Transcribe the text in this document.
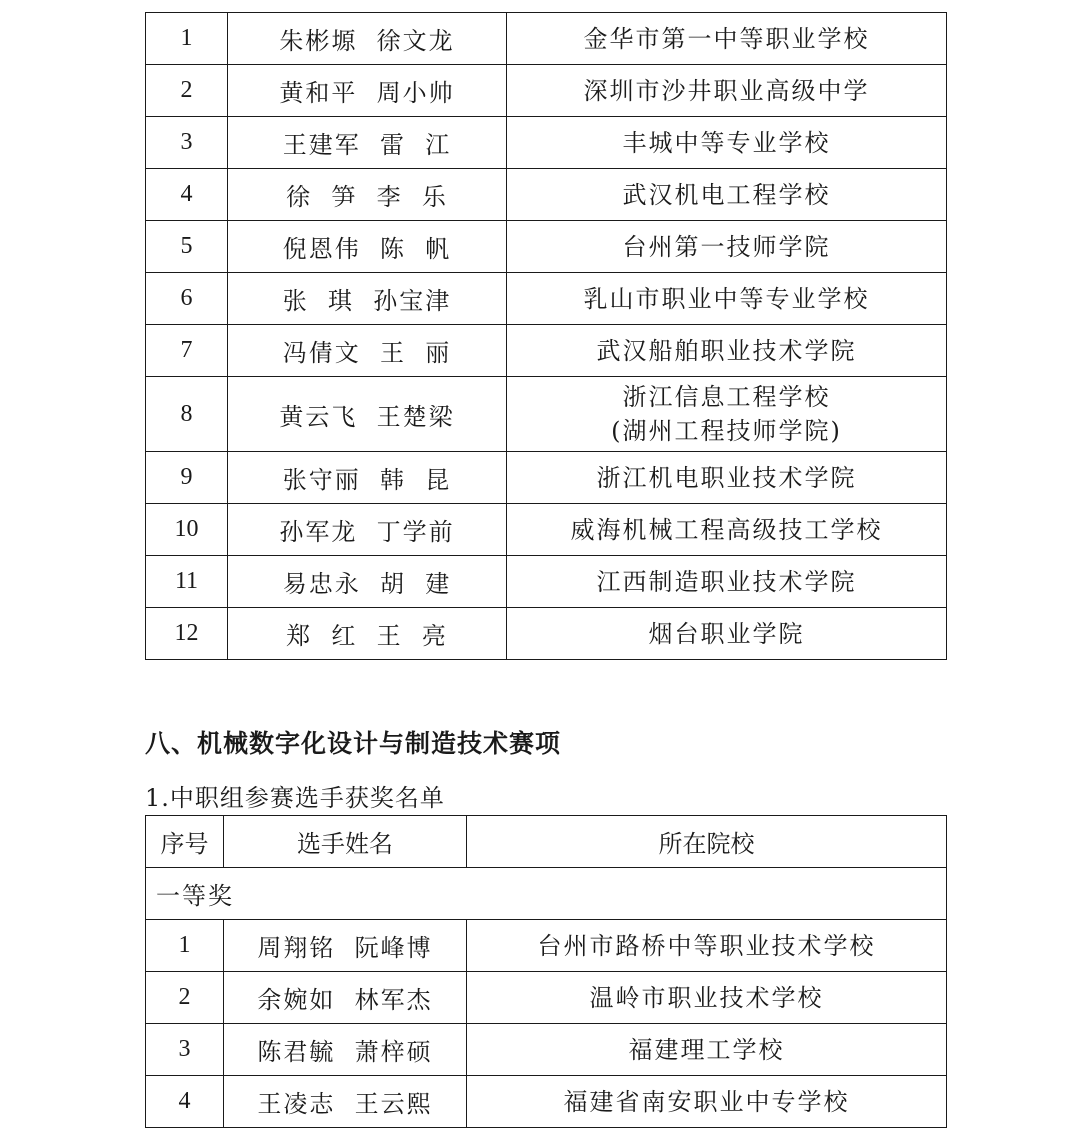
1	朱彬塬  徐文龙	金华市第一中等职业学校

2	黄和平  周小帅	深圳市沙井职业高级中学

3	王建军  雷  江	丰城中等专业学校

4	徐  笋  李  乐	武汉机电工程学校

5	倪恩伟  陈  帆	台州第一技师学院

6	张  琪  孙宝津	乳山市职业中等专业学校

7	冯倩文  王  丽	武汉船舶职业技术学院

8	黄云飞  王楚梁	浙江信息工程学校
(湖州工程技师学院)

9	张守丽  韩  昆	浙江机电职业技术学院

10	孙军龙  丁学前	威海机械工程高级技工学校

11	易忠永  胡  建	江西制造职业技术学院

12	郑  红  王  亮	烟台职业学院
八、机械数字化设计与制造技术赛项

1.中职组参赛选手获奖名单

序号	选手姓名	所在院校
一等奖		
1	周翔铭  阮峰博	台州市路桥中等职业技术学校
2	余婉如  林军杰	温岭市职业技术学校
3	陈君毓  萧梓硕	福建理工学校
4	王凌志  王云熙	福建省南安职业中专学校
